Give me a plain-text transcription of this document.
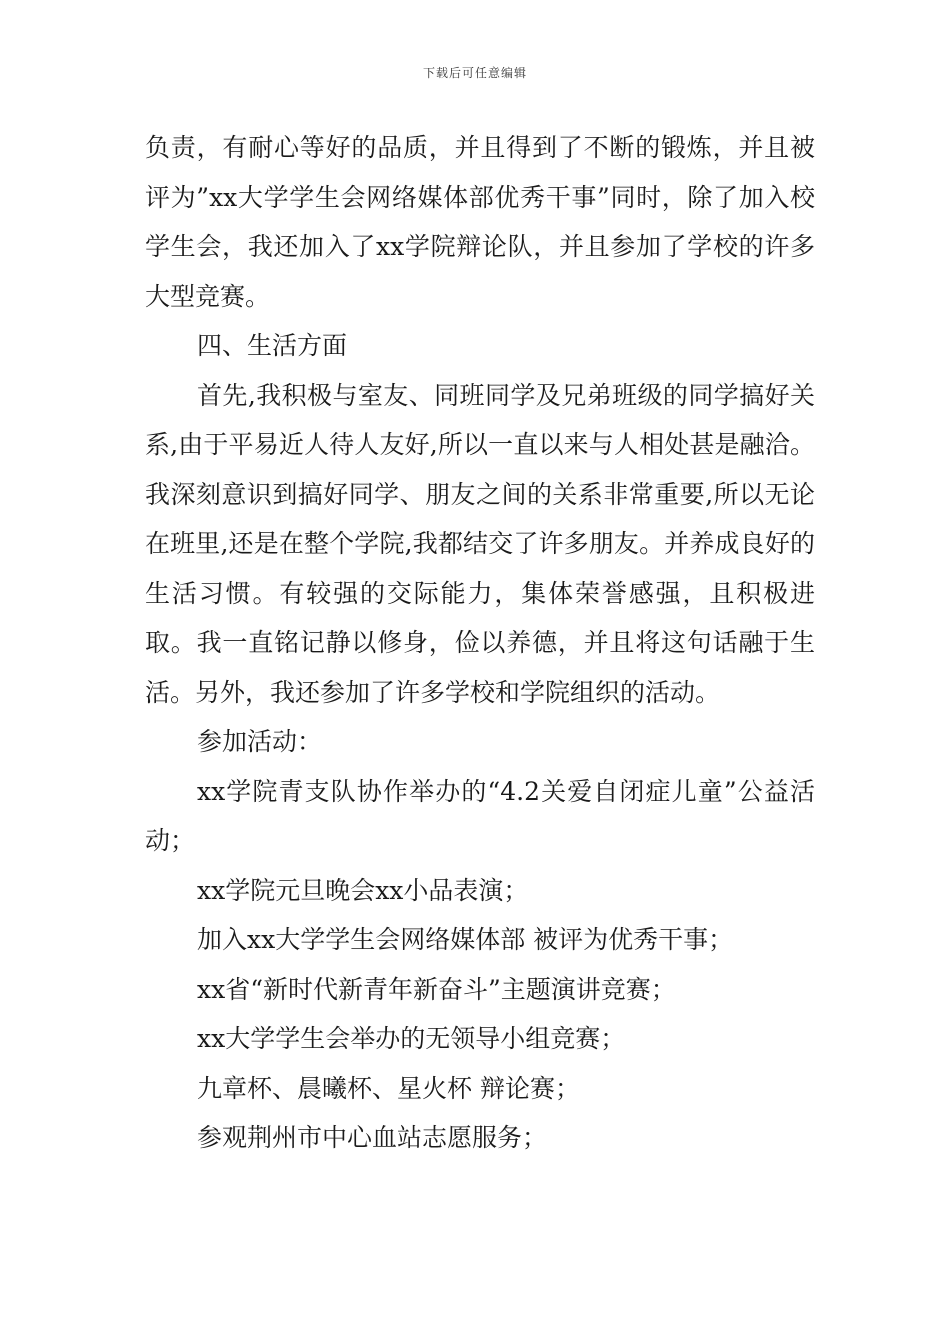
下载后可任意编辑

负责，有耐心等好的品质，并且得到了不断的锻炼，并且被评为”xx大学学生会网络媒体部优秀干事”同时，除了加入校学生会，我还加入了xx学院辩论队，并且参加了学校的许多大型竞赛。

四、生活方面

首先,我积极与室友、同班同学及兄弟班级的同学搞好关系,由于平易近人待人友好,所以一直以来与人相处甚是融洽。我深刻意识到搞好同学、朋友之间的关系非常重要,所以无论在班里,还是在整个学院,我都结交了许多朋友。并养成良好的生活习惯。有较强的交际能力，集体荣誉感强，且积极进取。我一直铭记静以修身，俭以养德，并且将这句话融于生活。另外，我还参加了许多学校和学院组织的活动。

参加活动：

xx学院青支队协作举办的“4.2关爱自闭症儿童”公益活动；

xx学院元旦晚会xx小品表演；

加入xx大学学生会网络媒体部 被评为优秀干事；

xx省“新时代新青年新奋斗”主题演讲竞赛；

xx大学学生会举办的无领导小组竞赛；

九章杯、晨曦杯、星火杯 辩论赛；

参观荆州市中心血站志愿服务；
